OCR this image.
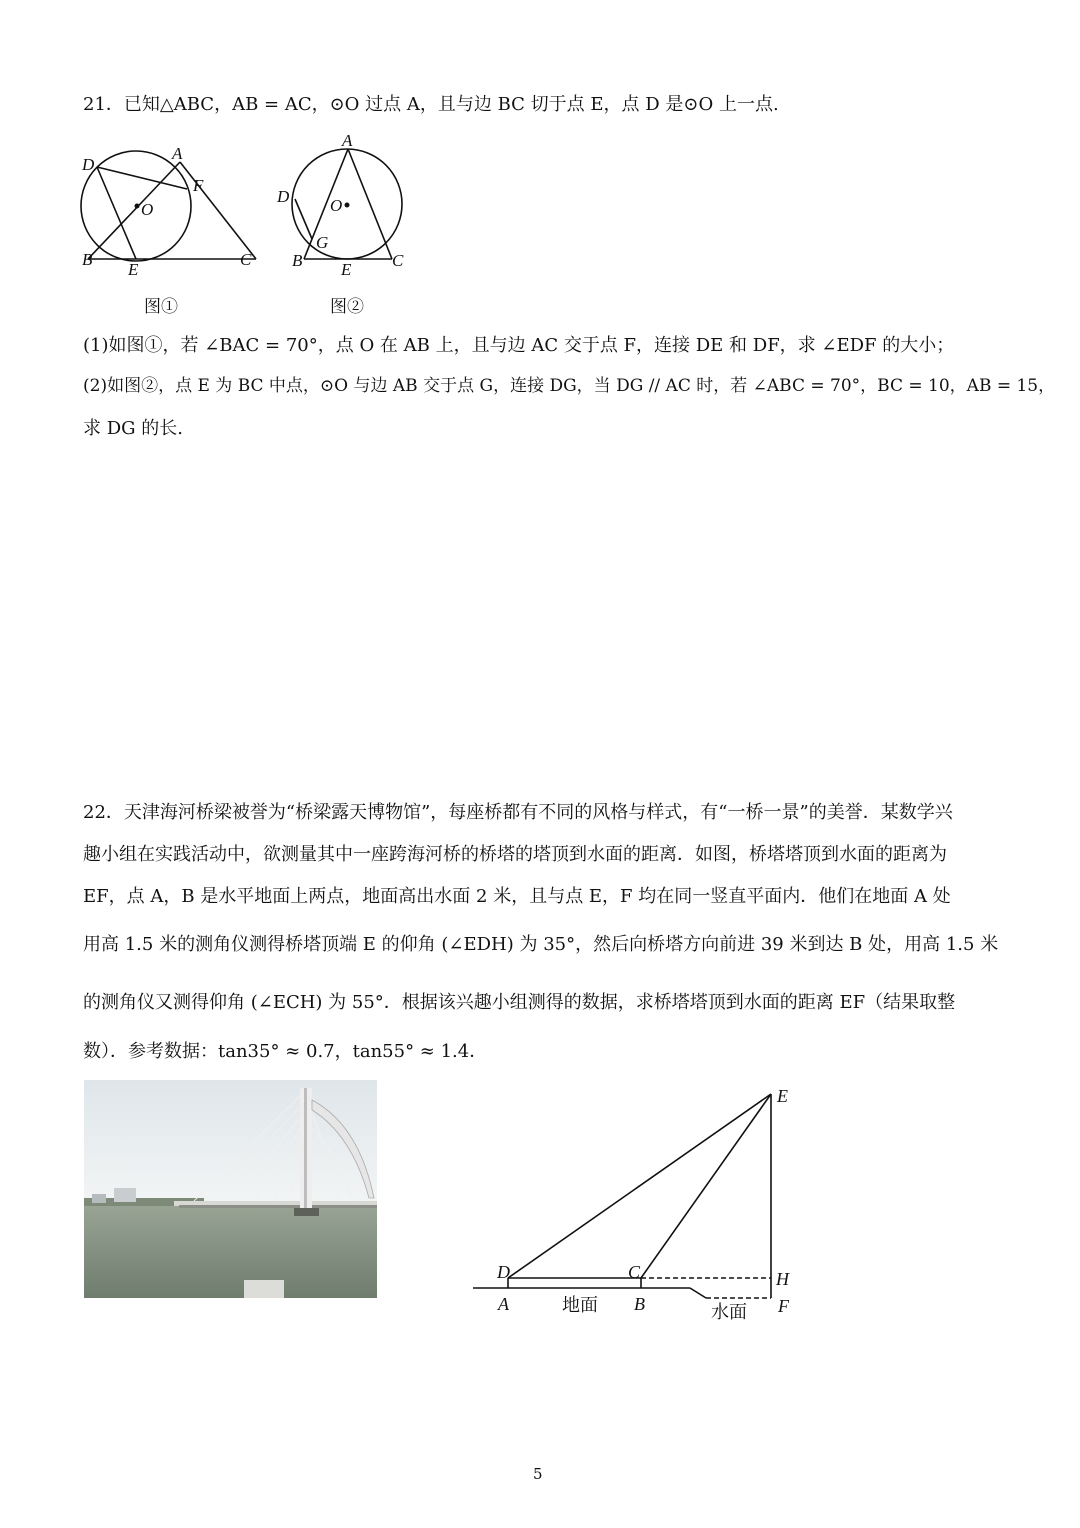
21．已知△ABC，AB = AC，⊙O 过点 A，且与边 BC 切于点 E，点 D 是⊙O 上一点.
D
A
F
O
B
E
C
图①
A
D O
G
B E C
图②
(1)如图①，若 ∠BAC = 70°，点 O 在 AB 上，且与边 AC 交于点 F，连接 DE 和 DF，求 ∠EDF 的大小；
(2)如图②，点 E 为 BC 中点，⊙O 与边 AB 交于点 G，连接 DG，当 DG // AC 时，若 ∠ABC = 70°，BC = 10，AB = 15，
求 DG 的长.
22．天津海河桥梁被誉为“桥梁露天博物馆”，每座桥都有不同的风格与样式，有“一桥一景”的美誉．某数学兴
趣小组在实践活动中，欲测量其中一座跨海河桥的桥塔的塔顶到水面的距离．如图，桥塔塔顶到水面的距离为
EF，点 A，B 是水平地面上两点，地面高出水面 2 米，且与点 E，F 均在同一竖直平面内．他们在地面 A 处
用高 1.5 米的测角仪测得桥塔顶端 E 的仰角 (∠EDH) 为 35°，然后向桥塔方向前进 39 米到达 B 处，用高 1.5 米
的测角仪又测得仰角 (∠ECH) 为 55°．根据该兴趣小组测得的数据，求桥塔塔顶到水面的距离 EF（结果取整
数）．参考数据：tan35° ≈ 0.7，tan55° ≈ 1.4．
E
D	C	H
A	B	F
地面	水面
5
